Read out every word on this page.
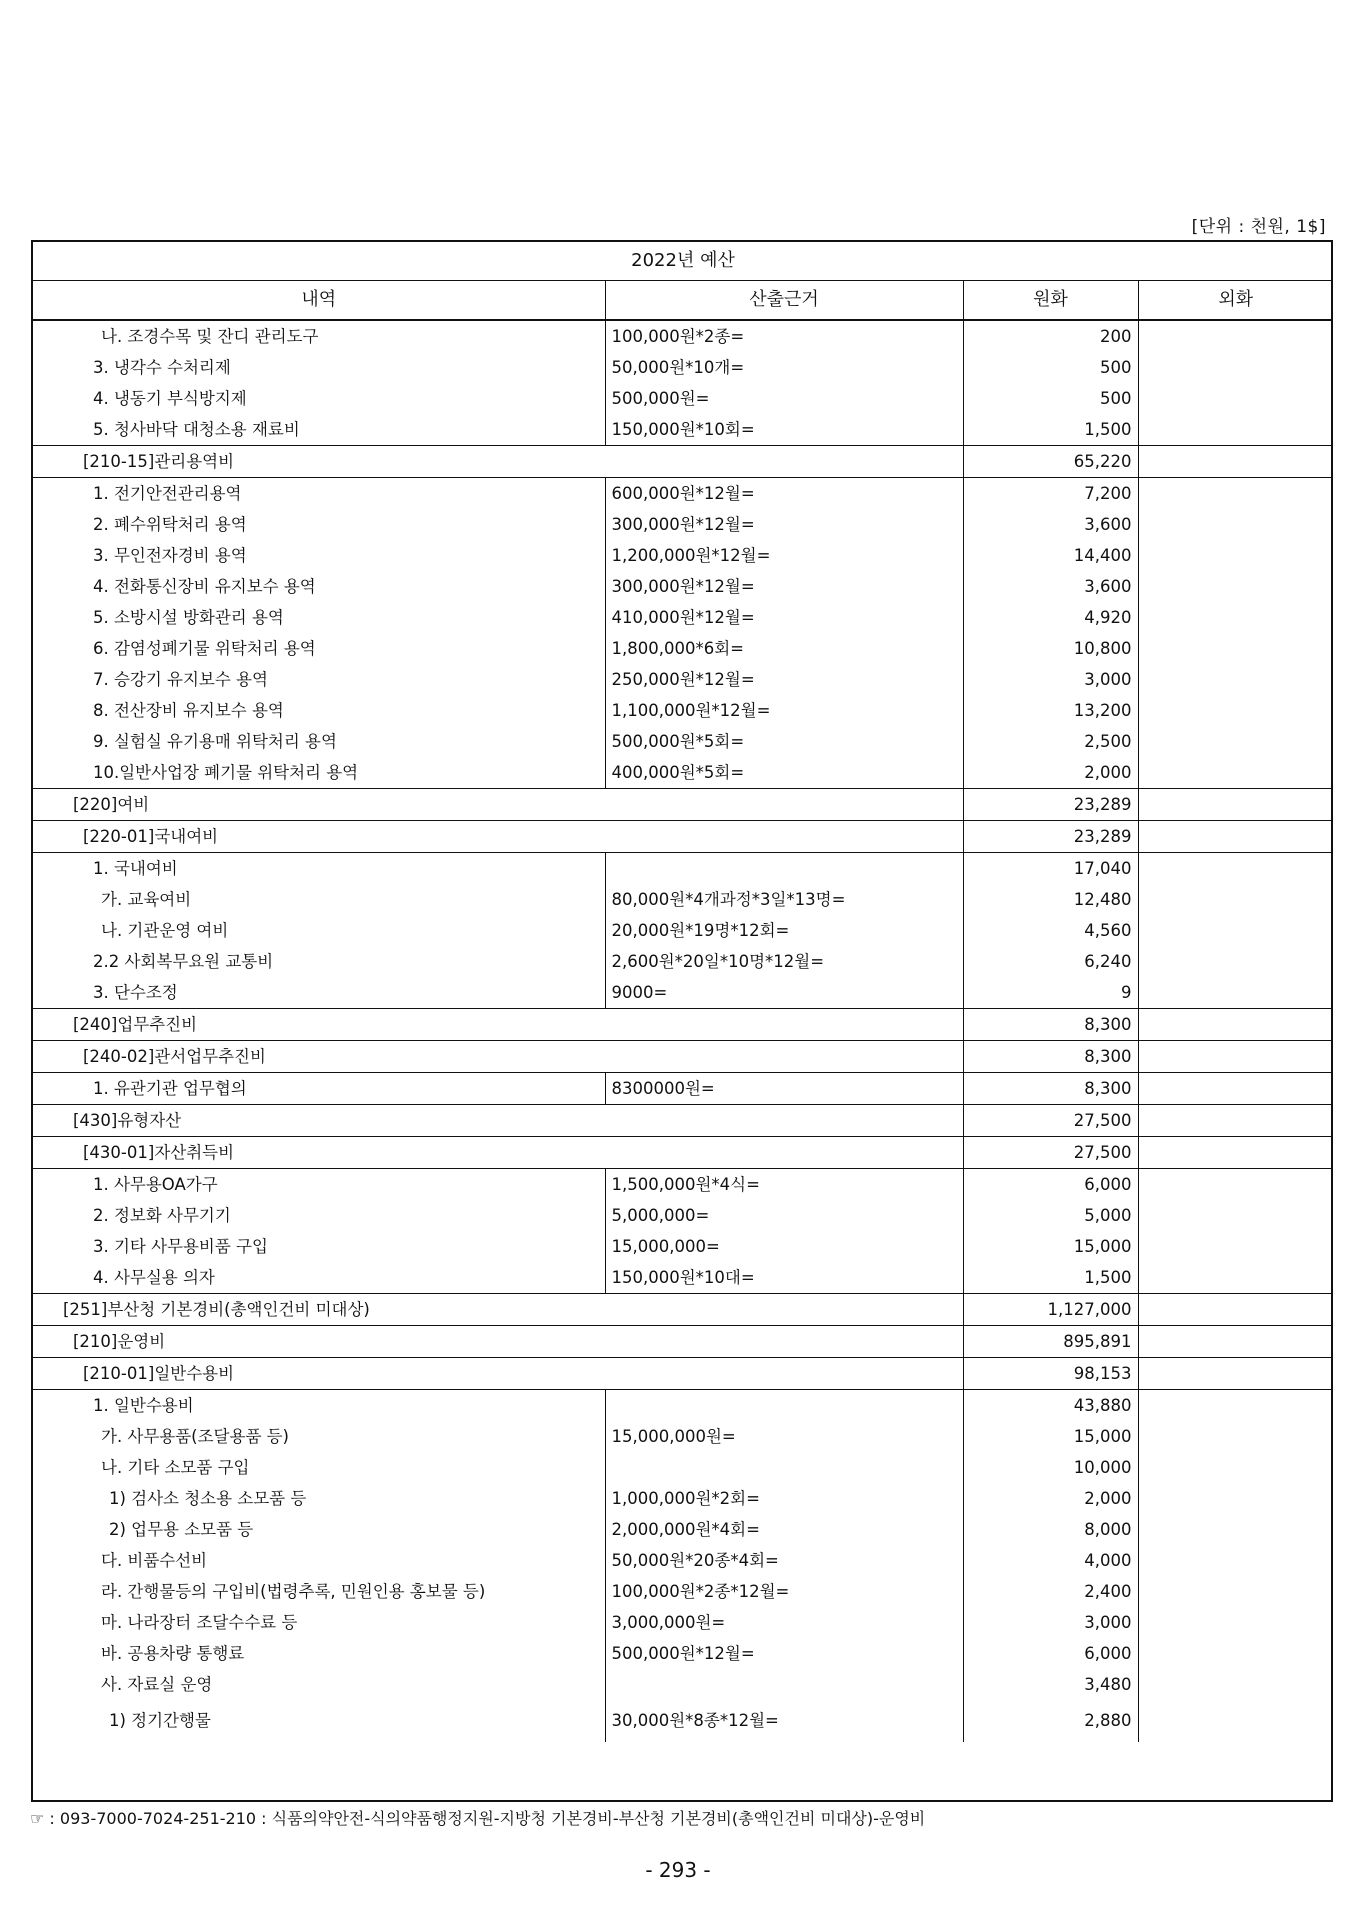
[단위 : 천원, 1$]
2022년 예산			
내역	산출근거	원화	외화
나. 조경수목 및 잔디 관리도구	100,000원*2종=	200	
3. 냉각수 수처리제	50,000원*10개=	500	
4. 냉동기 부식방지제	500,000원=	500	
5. 청사바닥 대청소용 재료비	150,000원*10회=	1,500	
[210-15]관리용역비		65,220	
1. 전기안전관리용역	600,000원*12월=	7,200	
2. 폐수위탁처리 용역	300,000원*12월=	3,600	
3. 무인전자경비 용역	1,200,000원*12월=	14,400	
4. 전화통신장비 유지보수 용역	300,000원*12월=	3,600	
5. 소방시설 방화관리 용역	410,000원*12월=	4,920	
6. 감염성폐기물 위탁처리 용역	1,800,000*6회=	10,800	
7. 승강기 유지보수 용역	250,000원*12월=	3,000	
8. 전산장비 유지보수 용역	1,100,000원*12월=	13,200	
9. 실험실 유기용매 위탁처리 용역	500,000원*5회=	2,500	
10.일반사업장 폐기물 위탁처리 용역	400,000원*5회=	2,000	
[220]여비		23,289	
[220-01]국내여비		23,289	
1. 국내여비		17,040	
가. 교육여비	80,000원*4개과정*3일*13명=	12,480	
나. 기관운영 여비	20,000원*19명*12회=	4,560	
2.2 사회복무요원 교통비	2,600원*20일*10명*12월=	6,240	
3. 단수조정	9000=	9	
[240]업무추진비		8,300	
[240-02]관서업무추진비		8,300	
1. 유관기관 업무협의	8300000원=	8,300	
[430]유형자산		27,500	
[430-01]자산취득비		27,500	
1. 사무용OA가구	1,500,000원*4식=	6,000	
2. 정보화 사무기기	5,000,000=	5,000	
3. 기타 사무용비품 구입	15,000,000=	15,000	
4. 사무실용 의자	150,000원*10대=	1,500	
[251]부산청 기본경비(총액인건비 미대상)		1,127,000	
[210]운영비		895,891	
[210-01]일반수용비		98,153	
1. 일반수용비		43,880	
가. 사무용품(조달용품 등)	15,000,000원=	15,000	
나. 기타 소모품 구입		10,000	
1) 검사소 청소용 소모품 등	1,000,000원*2회=	2,000	
2) 업무용 소모품 등	2,000,000원*4회=	8,000	
다. 비품수선비	50,000원*20종*4회=	4,000	
라. 간행물등의 구입비(법령추록, 민원인용 홍보물 등)	100,000원*2종*12월=	2,400	
마. 나라장터 조달수수료 등	3,000,000원=	3,000	
바. 공용차량 통행료	500,000원*12월=	6,000	
사. 자료실 운영		3,480	
1) 정기간행물	30,000원*8종*12월=	2,880	
☞ : 093-7000-7024-251-210 : 식품의약안전-식의약품행정지원-지방청 기본경비-부산청 기본경비(총액인건비 미대상)-운영비
- 293 -
